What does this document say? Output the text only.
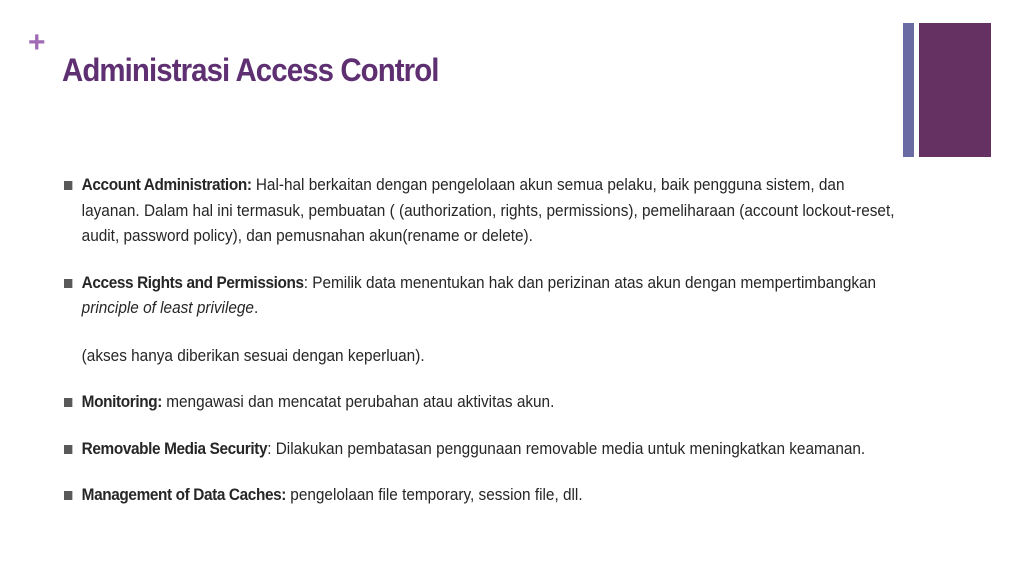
+
Administrasi Access Control
Account Administration: Hal-hal berkaitan dengan pengelolaan akun semua pelaku, baik pengguna sistem, dan layanan. Dalam hal ini termasuk, pembuatan ( (authorization, rights, permissions), pemeliharaan (account lockout-reset, audit, password policy), dan pemusnahan akun(rename or delete).
Access Rights and Permissions: Pemilik data menentukan hak dan perizinan atas akun dengan mempertimbangkan principle of least privilege.
(akses hanya diberikan sesuai dengan keperluan).
Monitoring: mengawasi dan mencatat perubahan atau aktivitas akun.
Removable Media Security: Dilakukan pembatasan penggunaan removable media untuk meningkatkan keamanan.
Management of Data Caches: pengelolaan file temporary, session file, dll.
